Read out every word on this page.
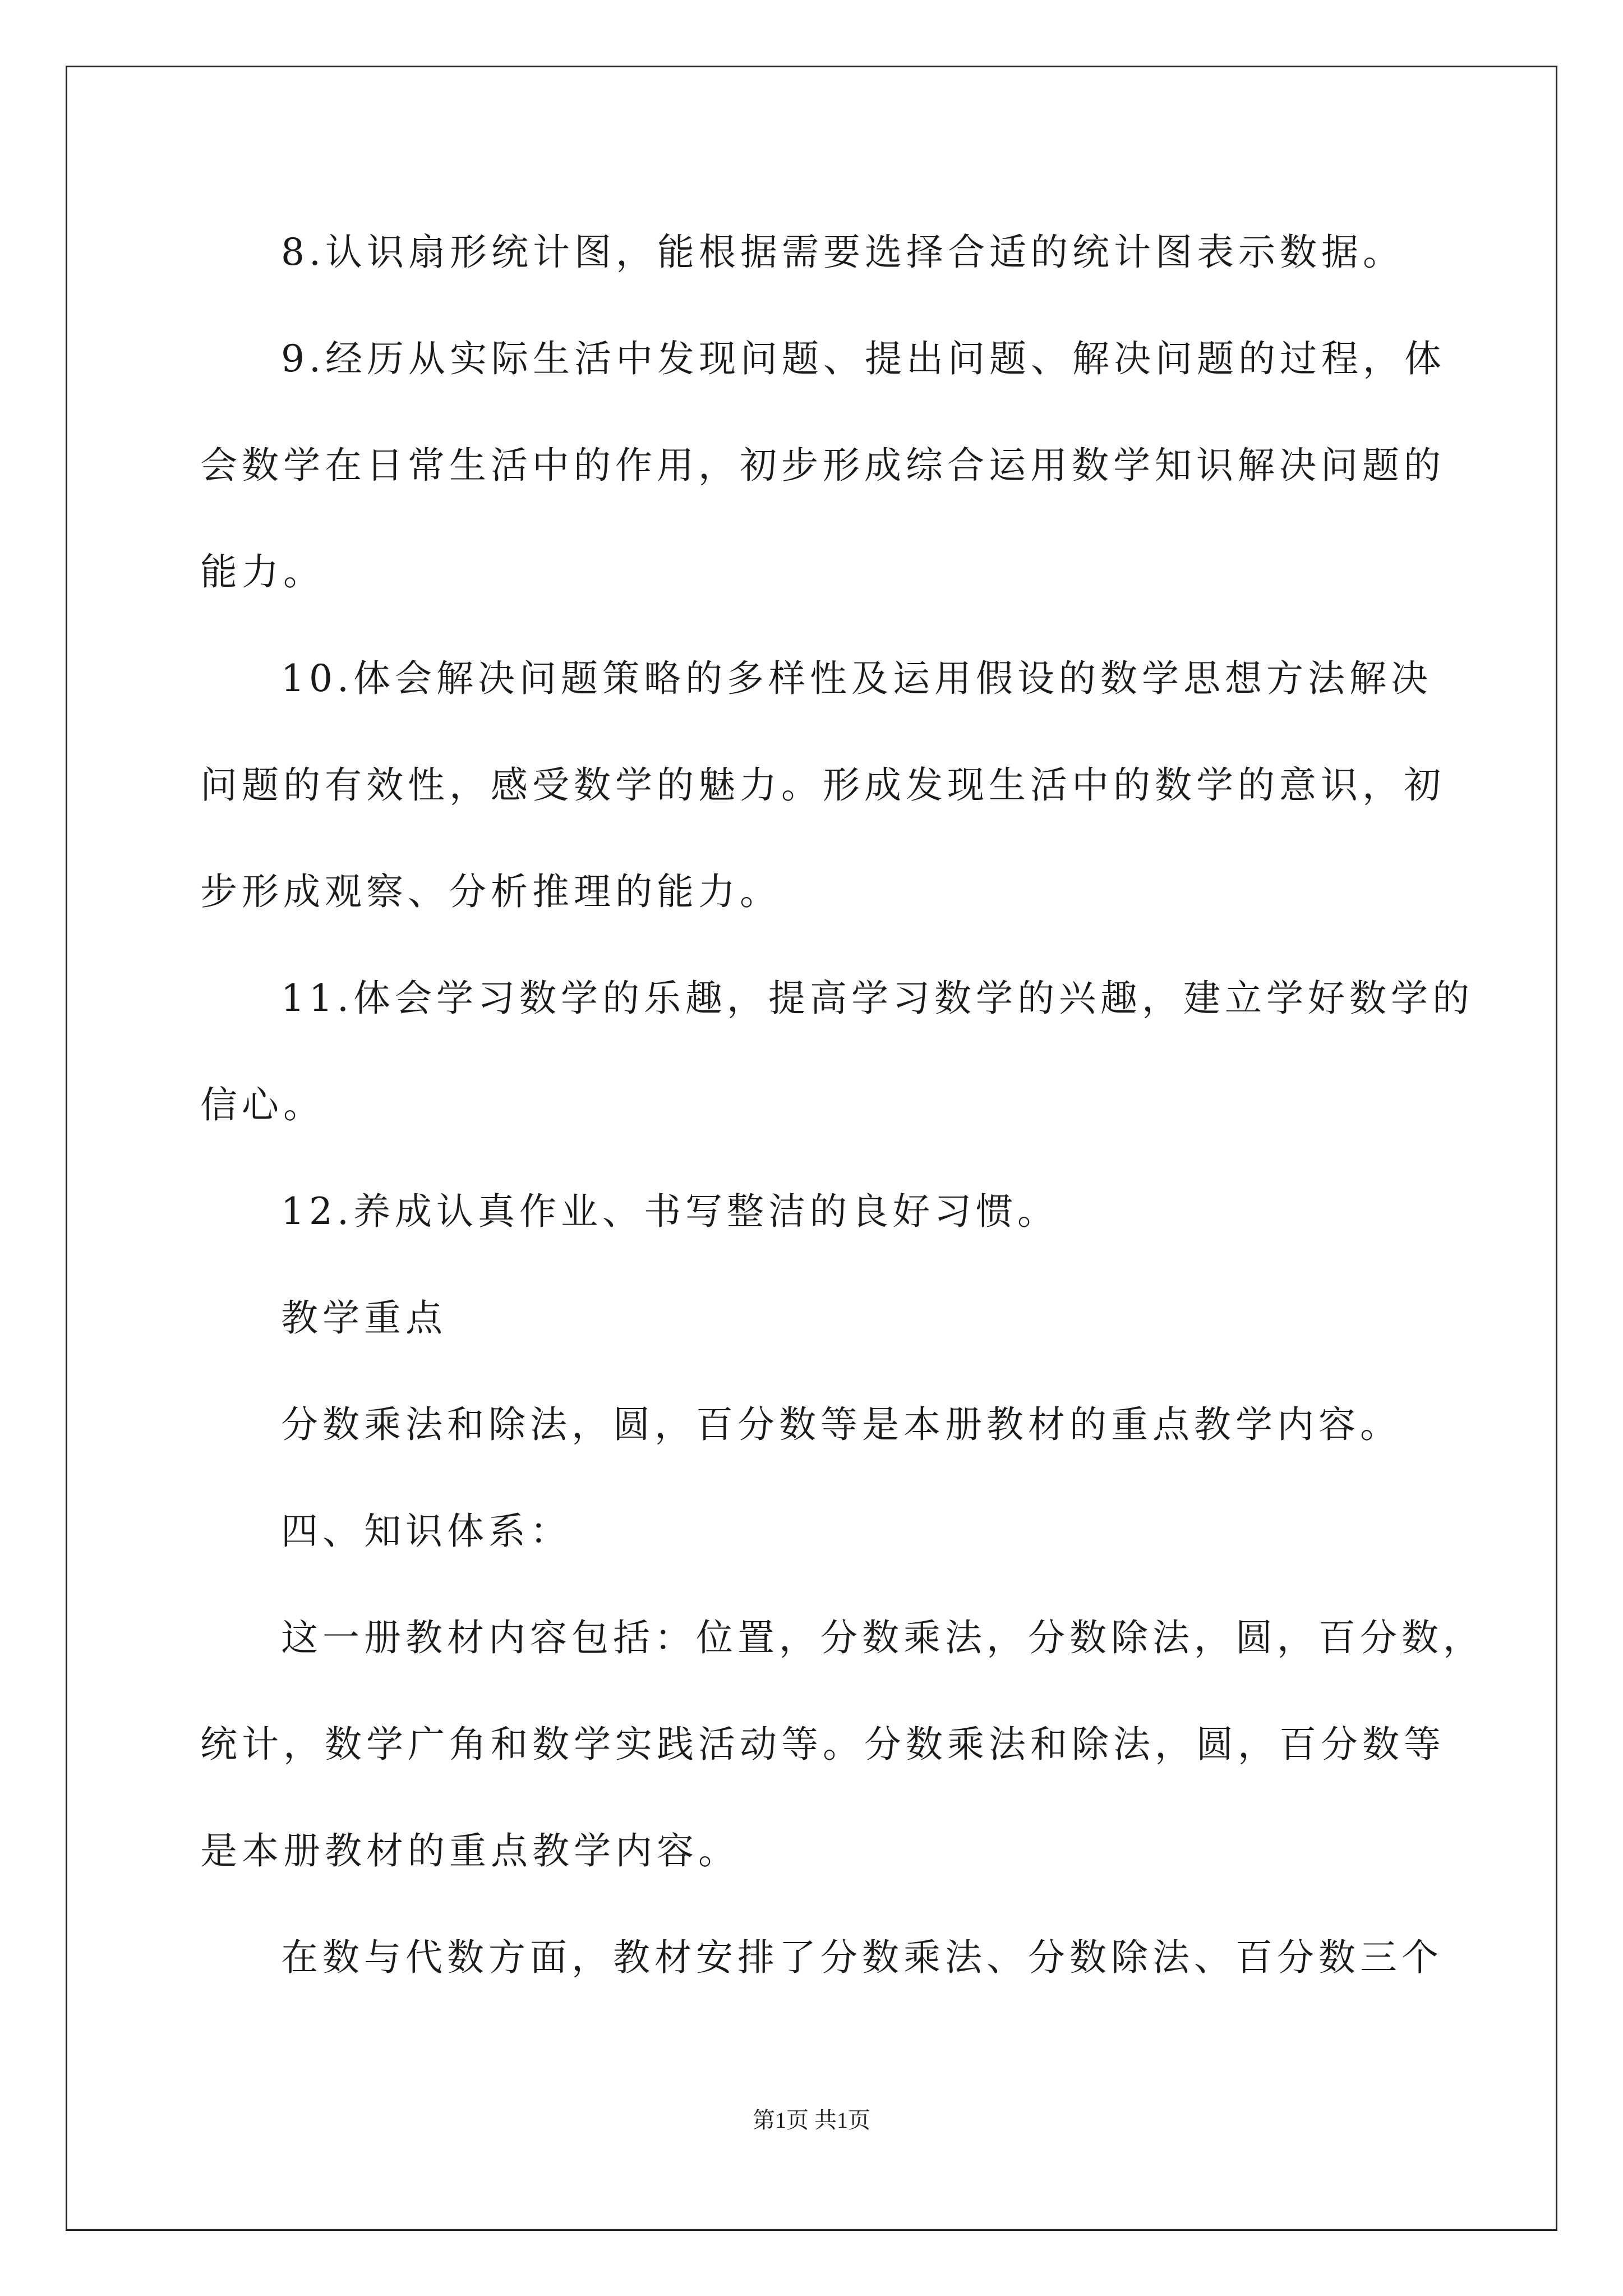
8.认识扇形统计图，能根据需要选择合适的统计图表示数据。
9.经历从实际生活中发现问题、提出问题、解决问题的过程，体
会数学在日常生活中的作用，初步形成综合运用数学知识解决问题的
能力。
10.体会解决问题策略的多样性及运用假设的数学思想方法解决
问题的有效性，感受数学的魅力。形成发现生活中的数学的意识，初
步形成观察、分析推理的能力。
11.体会学习数学的乐趣，提高学习数学的兴趣，建立学好数学的
信心。
12.养成认真作业、书写整洁的良好习惯。
教学重点
分数乘法和除法，圆，百分数等是本册教材的重点教学内容。
四、知识体系：
这一册教材内容包括：位置，分数乘法，分数除法，圆，百分数，
统计，数学广角和数学实践活动等。分数乘法和除法，圆，百分数等
是本册教材的重点教学内容。
在数与代数方面，教材安排了分数乘法、分数除法、百分数三个
第1页 共1页
